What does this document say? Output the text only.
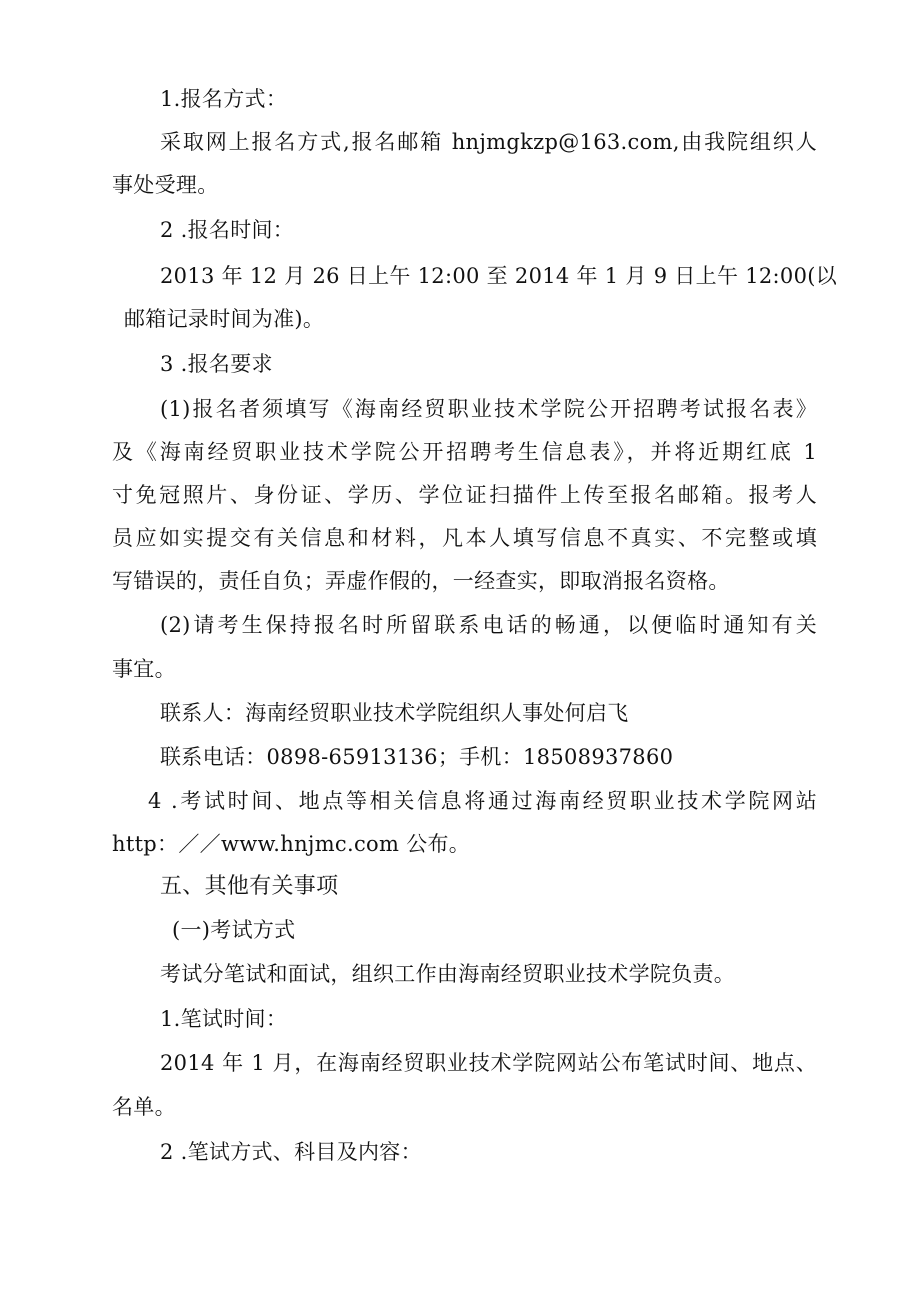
1.报名方式：
采取网上报名方式,报名邮箱 hnjmgkzp@163.com,由我院组织人
事处受理。
2 .报名时间：
2013 年 12 月 26 日上午 12:00 至 2014 年 1 月 9 日上午 12:00(以
邮箱记录时间为准)。
3 .报名要求
(1)报名者须填写《海南经贸职业技术学院公开招聘考试报名表》
及《海南经贸职业技术学院公开招聘考生信息表》，并将近期红底 1
寸免冠照片、身份证、学历、学位证扫描件上传至报名邮箱。报考人
员应如实提交有关信息和材料，凡本人填写信息不真实、不完整或填
写错误的，责任自负；弄虚作假的，一经查实，即取消报名资格。
(2)请考生保持报名时所留联系电话的畅通，以便临时通知有关
事宜。
联系人：海南经贸职业技术学院组织人事处何启飞
联系电话：0898-65913136；手机：18508937860
4 .考试时间、地点等相关信息将通过海南经贸职业技术学院网站
http：／／www.hnjmc.com 公布。
五、其他有关事项
(一)考试方式
考试分笔试和面试，组织工作由海南经贸职业技术学院负责。
1.笔试时间：
2014 年 1 月，在海南经贸职业技术学院网站公布笔试时间、地点、
名单。
2 .笔试方式、科目及内容：
